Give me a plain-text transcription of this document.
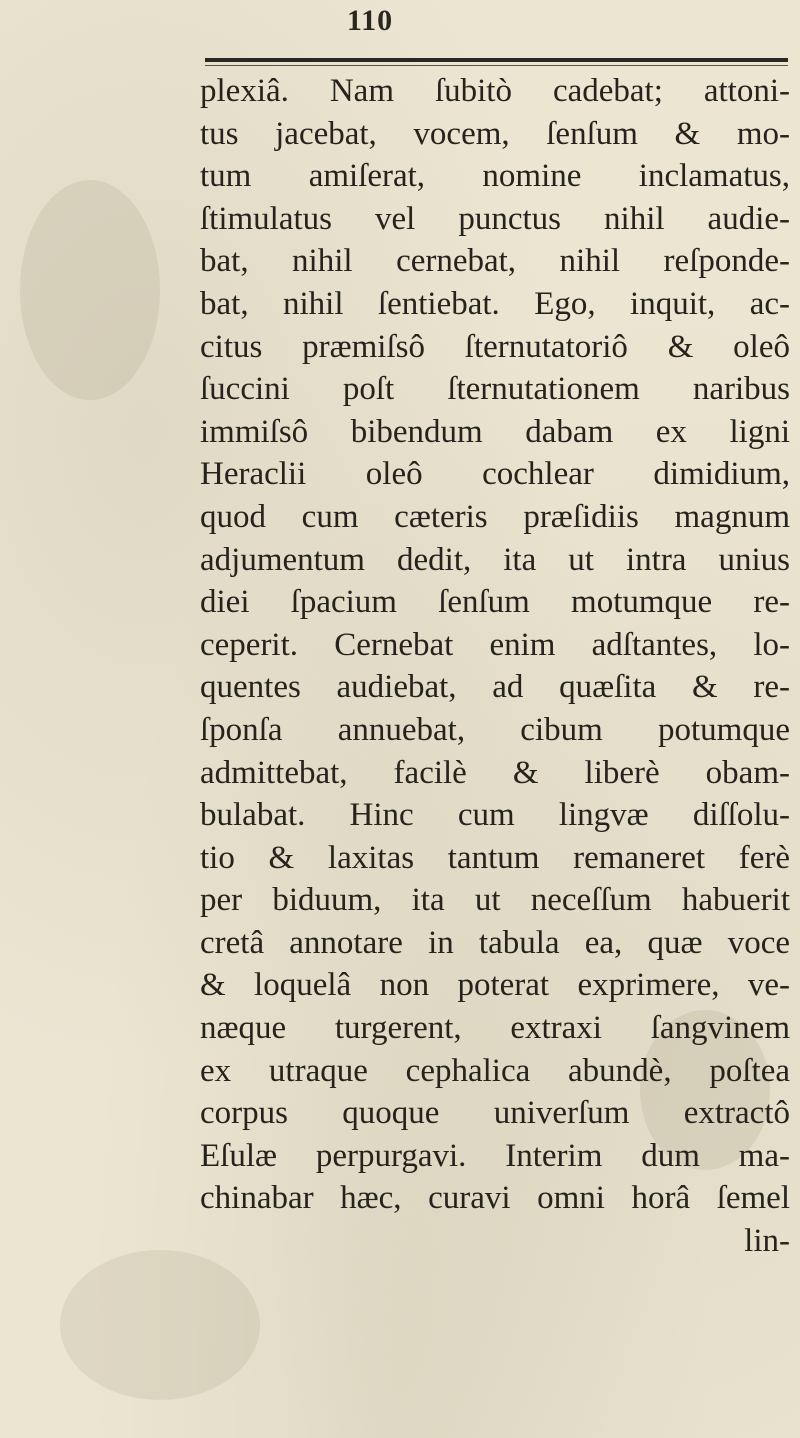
110
plexiâ. Nam ſubitò cadebat; attoni-
tus jacebat, vocem, ſenſum & mo-
tum amiſerat, nomine inclamatus,
ſtimulatus vel punctus nihil audie-
bat, nihil cernebat, nihil reſponde-
bat, nihil ſentiebat. Ego, inquit, ac-
citus præmiſsô ſternutatoriô & oleô
ſuccini poſt ſternutationem naribus
immiſsô bibendum dabam ex ligni
Heraclii oleô cochlear dimidium,
quod cum cæteris præſidiis magnum
adjumentum dedit, ita ut intra unius
diei ſpacium ſenſum motumque re-
ceperit. Cernebat enim adſtantes, lo-
quentes audiebat, ad quæſita & re-
ſponſa annuebat, cibum potumque
admittebat, facilè & liberè obam-
bulabat. Hinc cum lingvæ diſſolu-
tio & laxitas tantum remaneret ferè
per biduum, ita ut neceſſum habuerit
cretâ annotare in tabula ea, quæ voce
& loquelâ non poterat exprimere, ve-
næque turgerent, extraxi ſangvinem
ex utraque cephalica abundè, poſtea
corpus quoque univerſum extractô
Eſulæ perpurgavi. Interim dum ma-
chinabar hæc, curavi omni horâ ſemel
lin-
